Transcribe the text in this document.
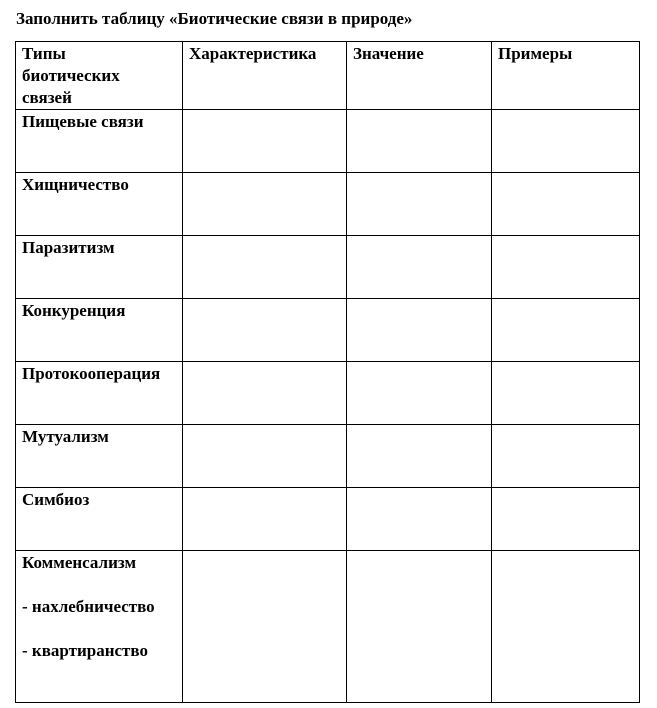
Заполнить таблицу «Биотические связи в природе»
Типы
биотических
связей	Характеристика	Значение	Примеры
Пищевые связи			
Хищничество			
Паразитизм			
Конкуренция			
Протокооперация			
Мутуализм			
Симбиоз			

Комменсализм
- нахлебничество
- квартиранство			
